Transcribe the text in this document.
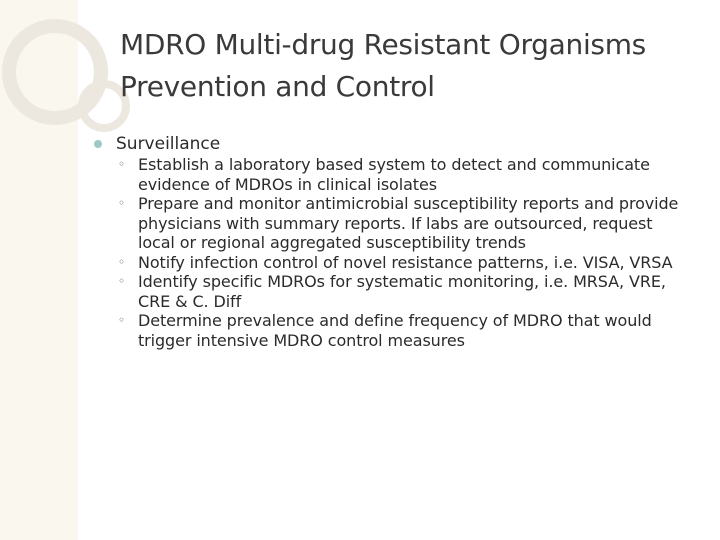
MDRO Multi-drug Resistant Organisms
Prevention and Control
Surveillance
◦ Establish a laboratory based system to detect and communicate evidence of MDROs in clinical isolates
◦ Prepare and monitor antimicrobial susceptibility reports and provide physicians with summary reports. If labs are outsourced, request local or regional aggregated susceptibility trends
◦ Notify infection control of novel resistance patterns, i.e. VISA, VRSA
◦ Identify specific MDROs for systematic monitoring, i.e. MRSA, VRE, CRE & C. Diff
◦ Determine prevalence and define frequency of MDRO that would trigger intensive MDRO control measures
